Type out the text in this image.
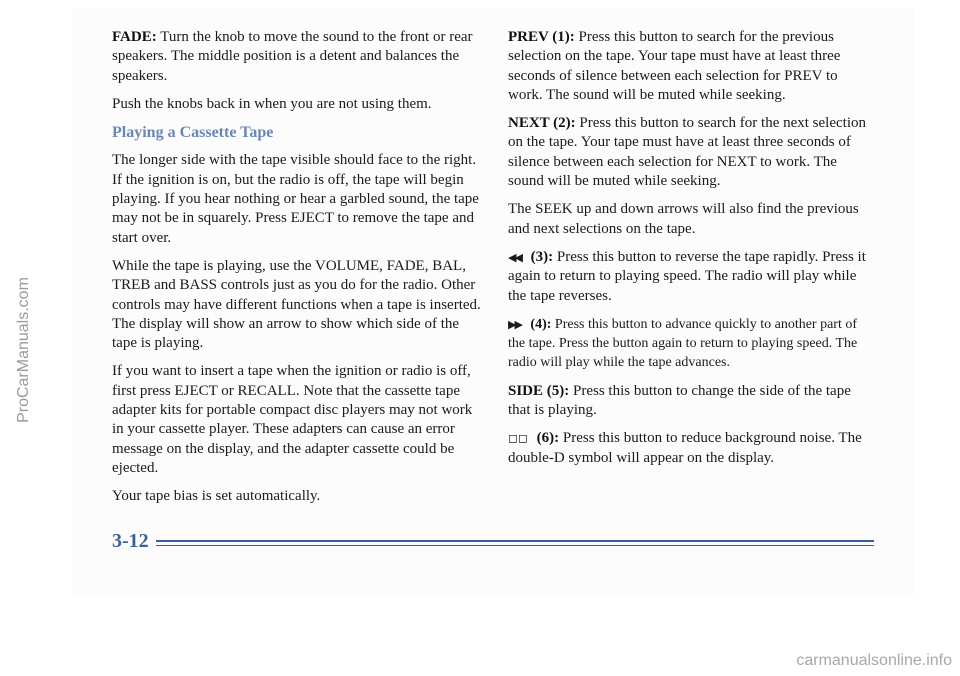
ProCarManuals.com

FADE: Turn the knob to move the sound to the front or rear speakers. The middle position is a detent and balances the speakers.

Push the knobs back in when you are not using them.

Playing a Cassette Tape

The longer side with the tape visible should face to the right. If the ignition is on, but the radio is off, the tape will begin playing. If you hear nothing or hear a garbled sound, the tape may not be in squarely. Press EJECT to remove the tape and start over.

While the tape is playing, use the VOLUME, FADE, BAL, TREB and BASS controls just as you do for the radio. Other controls may have different functions when a tape is inserted. The display will show an arrow to show which side of the tape is playing.

If you want to insert a tape when the ignition or radio is off, first press EJECT or RECALL. Note that the cassette tape adapter kits for portable compact disc players may not work in your cassette player. These adapters can cause an error message on the display, and the adapter cassette could be ejected.

Your tape bias is set automatically.

PREV (1): Press this button to search for the previous selection on the tape. Your tape must have at least three seconds of silence between each selection for PREV to work. The sound will be muted while seeking.

NEXT (2): Press this button to search for the next selection on the tape. Your tape must have at least three seconds of silence between each selection for NEXT to work. The sound will be muted while seeking.

The SEEK up and down arrows will also find the previous and next selections on the tape.

◀◀ (3): Press this button to reverse the tape rapidly. Press it again to return to playing speed. The radio will play while the tape reverses.

▶▶ (4): Press this button to advance quickly to another part of the tape. Press the button again to return to playing speed. The radio will play while the tape advances.

SIDE (5): Press this button to change the side of the tape that is playing.

◻◻ (6): Press this button to reduce background noise. The double-D symbol will appear on the display.

3-12
carmanualsonline.info
